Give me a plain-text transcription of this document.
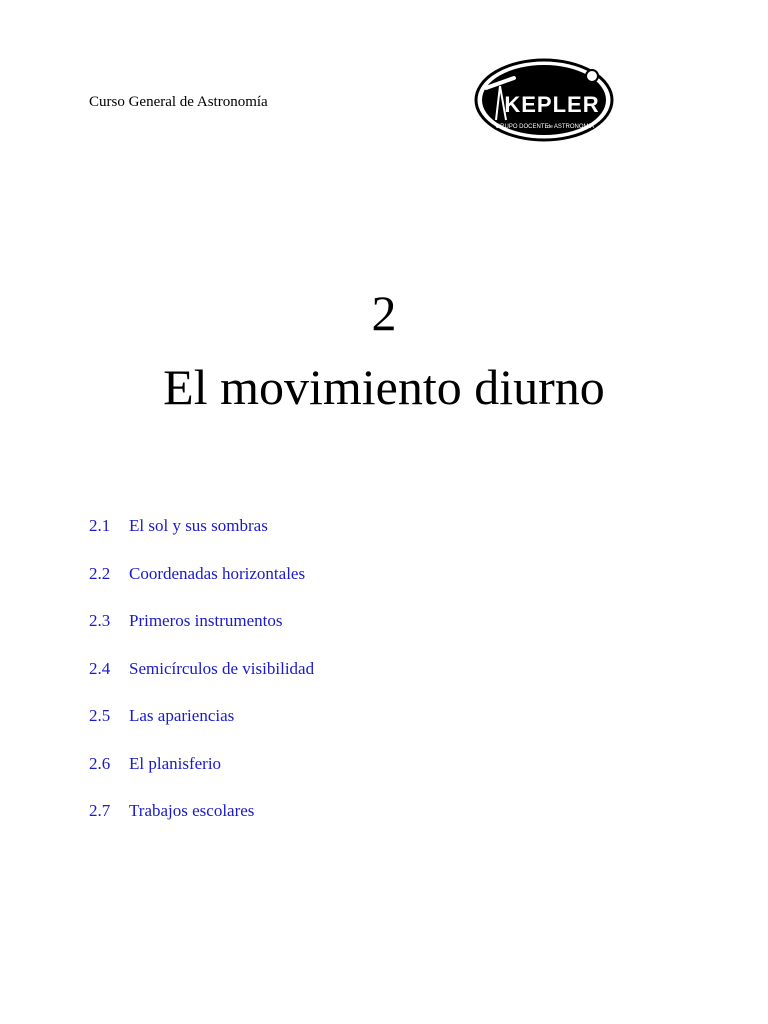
Curso General de Astronomía	KEPLER
GRUPO DOCENTE
de ASTRONOMIA
2
El movimiento diurno
2.1 El sol y sus sombras
2.2 Coordenadas horizontales
2.3 Primeros instrumentos
2.4 Semicírculos de visibilidad
2.5 Las apariencias
2.6 El planisferio
2.7 Trabajos escolares
